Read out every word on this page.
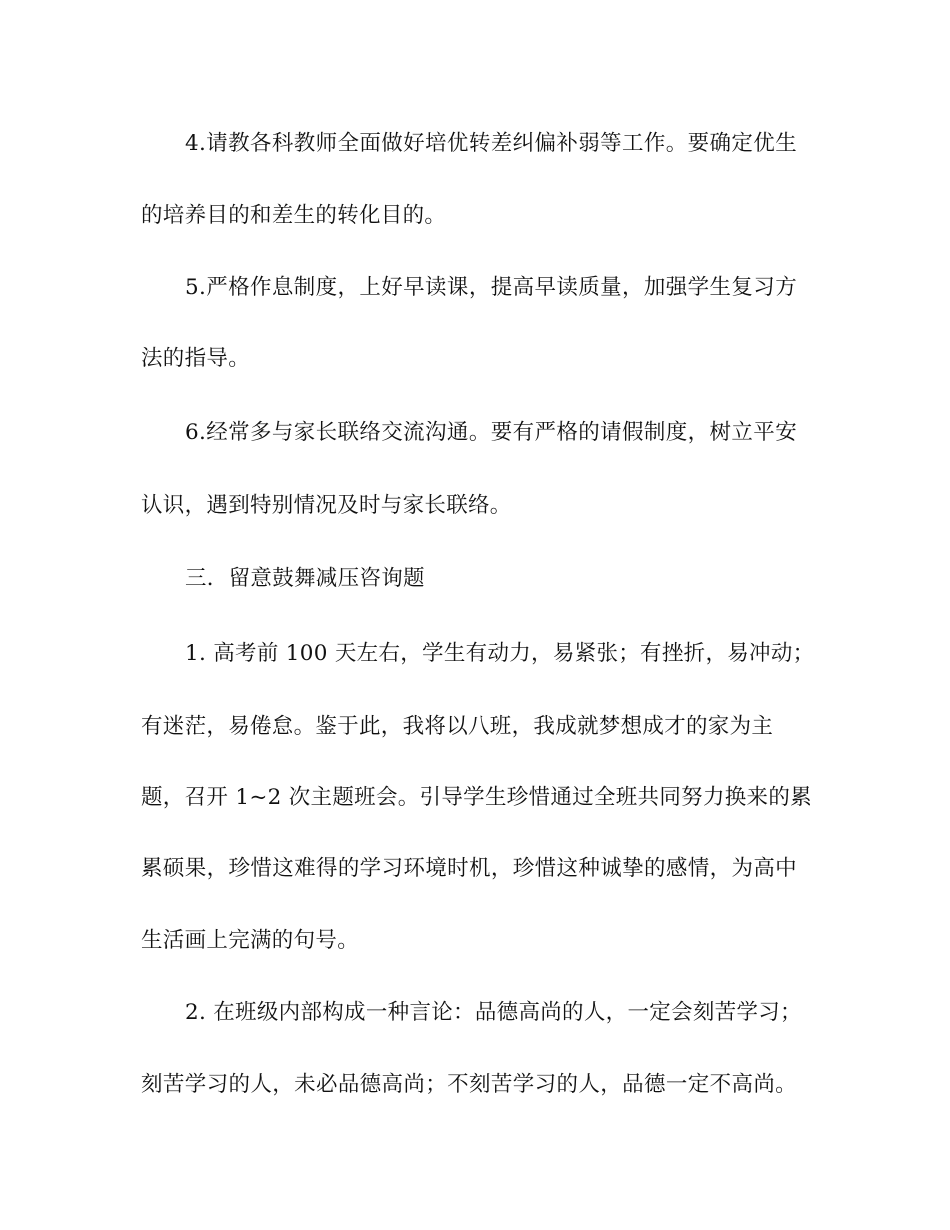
4.请教各科教师全面做好培优转差纠偏补弱等工作。要确定优生
的培养目的和差生的转化目的。
5.严格作息制度，上好早读课，提高早读质量，加强学生复习方
法的指导。
6.经常多与家长联络交流沟通。要有严格的请假制度，树立平安
认识，遇到特别情况及时与家长联络。
三．留意鼓舞减压咨询题
1. 高考前 100 天左右，学生有动力，易紧张；有挫折，易冲动；
有迷茫，易倦怠。鉴于此，我将以八班，我成就梦想成才的家为主
题，召开 1~2 次主题班会。引导学生珍惜通过全班共同努力换来的累
累硕果，珍惜这难得的学习环境时机，珍惜这种诚挚的感情，为高中
生活画上完满的句号。
2. 在班级内部构成一种言论：品德高尚的人，一定会刻苦学习；
刻苦学习的人，未必品德高尚；不刻苦学习的人，品德一定不高尚。
